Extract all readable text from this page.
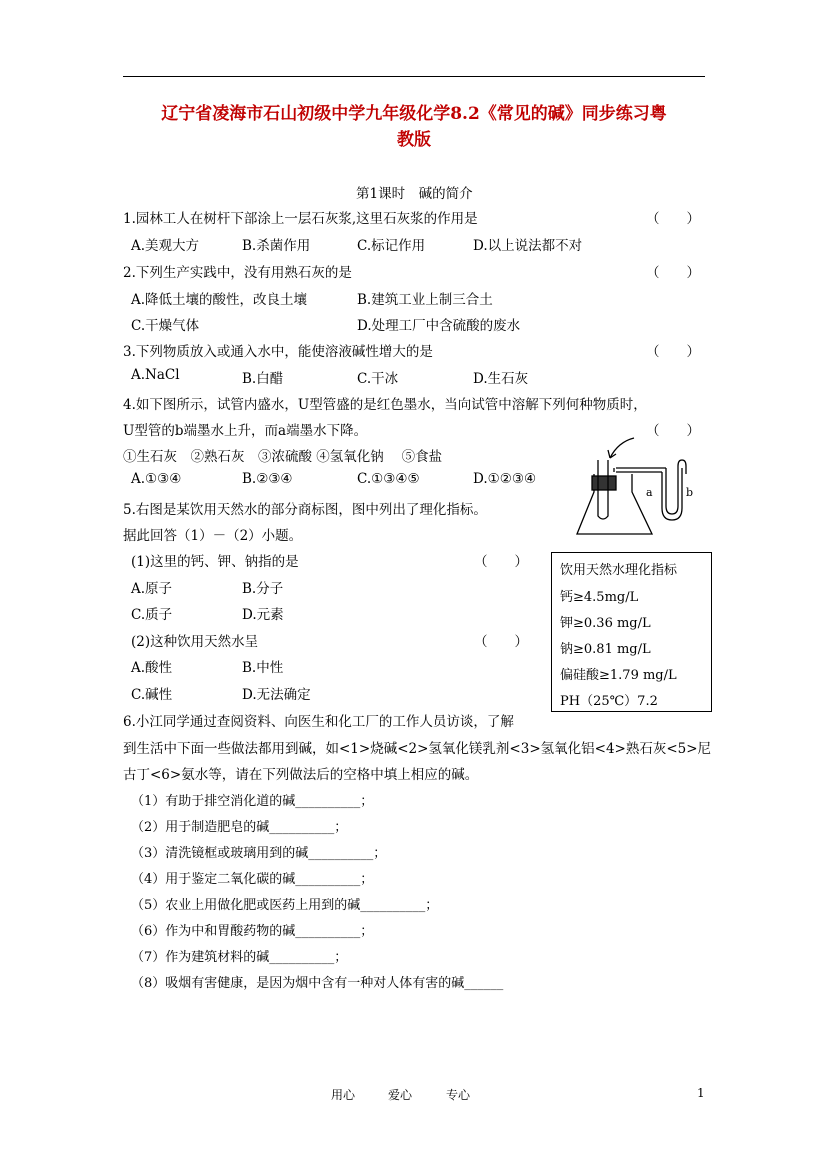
辽宁省凌海市石山初级中学九年级化学8.2《常见的碱》同步练习粤
教版
第1课时　碱的简介
1.园林工人在树杆下部涂上一层石灰浆,这里石灰浆的作用是	（　　）
A.美观大方	B.杀菌作用	C.标记作用	D.以上说法都不对
2.下列生产实践中，没有用熟石灰的是	（　　）
A.降低土壤的酸性，改良土壤	B.建筑工业上制三合土
C.干燥气体	D.处理工厂中含硫酸的废水
3.下列物质放入或通入水中，能使溶液碱性增大的是	（　　）
A.NaCl	B.白醋	C.干冰	D.生石灰
4.如下图所示，试管内盛水，U型管盛的是红色墨水，当向试管中溶解下列何种物质时，
U型管的b端墨水上升，而a端墨水下降。	（　　）
①生石灰　②熟石灰　③浓硫酸 ④氢氧化钠　 ⑤食盐
A.①③④	B.②③④	C.①③④⑤	D.①②③④
a	b
5.右图是某饮用天然水的部分商标图，图中列出了理化指标。
据此回答（1）－（2）小题。
(1)这里的钙、钾、钠指的是	（　　）
A.原子	B.分子
C.质子	D.元素
(2)这种饮用天然水呈	（　　）
A.酸性	B.中性
C.碱性	D.无法确定
饮用天然水理化指标
钙≥4.5mg/L
钾≥0.36 mg/L
钠≥0.81 mg/L
偏硅酸≥1.79 mg/L
PH（25℃）7.2
6.小江同学通过查阅资料、向医生和化工厂的工作人员访谈，了解
到生活中下面一些做法都用到碱，如<1>烧碱<2>氢氧化镁乳剂<3>氢氧化铝<4>熟石灰<5>尼
古丁<6>氨水等，请在下列做法后的空格中填上相应的碱。
（1）有助于排空消化道的碱__________；
（2）用于制造肥皂的碱__________；
（3）清洗镜框或玻璃用到的碱__________；
（4）用于鉴定二氧化碳的碱__________；
（5）农业上用做化肥或医药上用到的碱__________；
（6）作为中和胃酸药物的碱__________；
（7）作为建筑材料的碱__________；
（8）吸烟有害健康，是因为烟中含有一种对人体有害的碱______
用心	爱心	专心	1
